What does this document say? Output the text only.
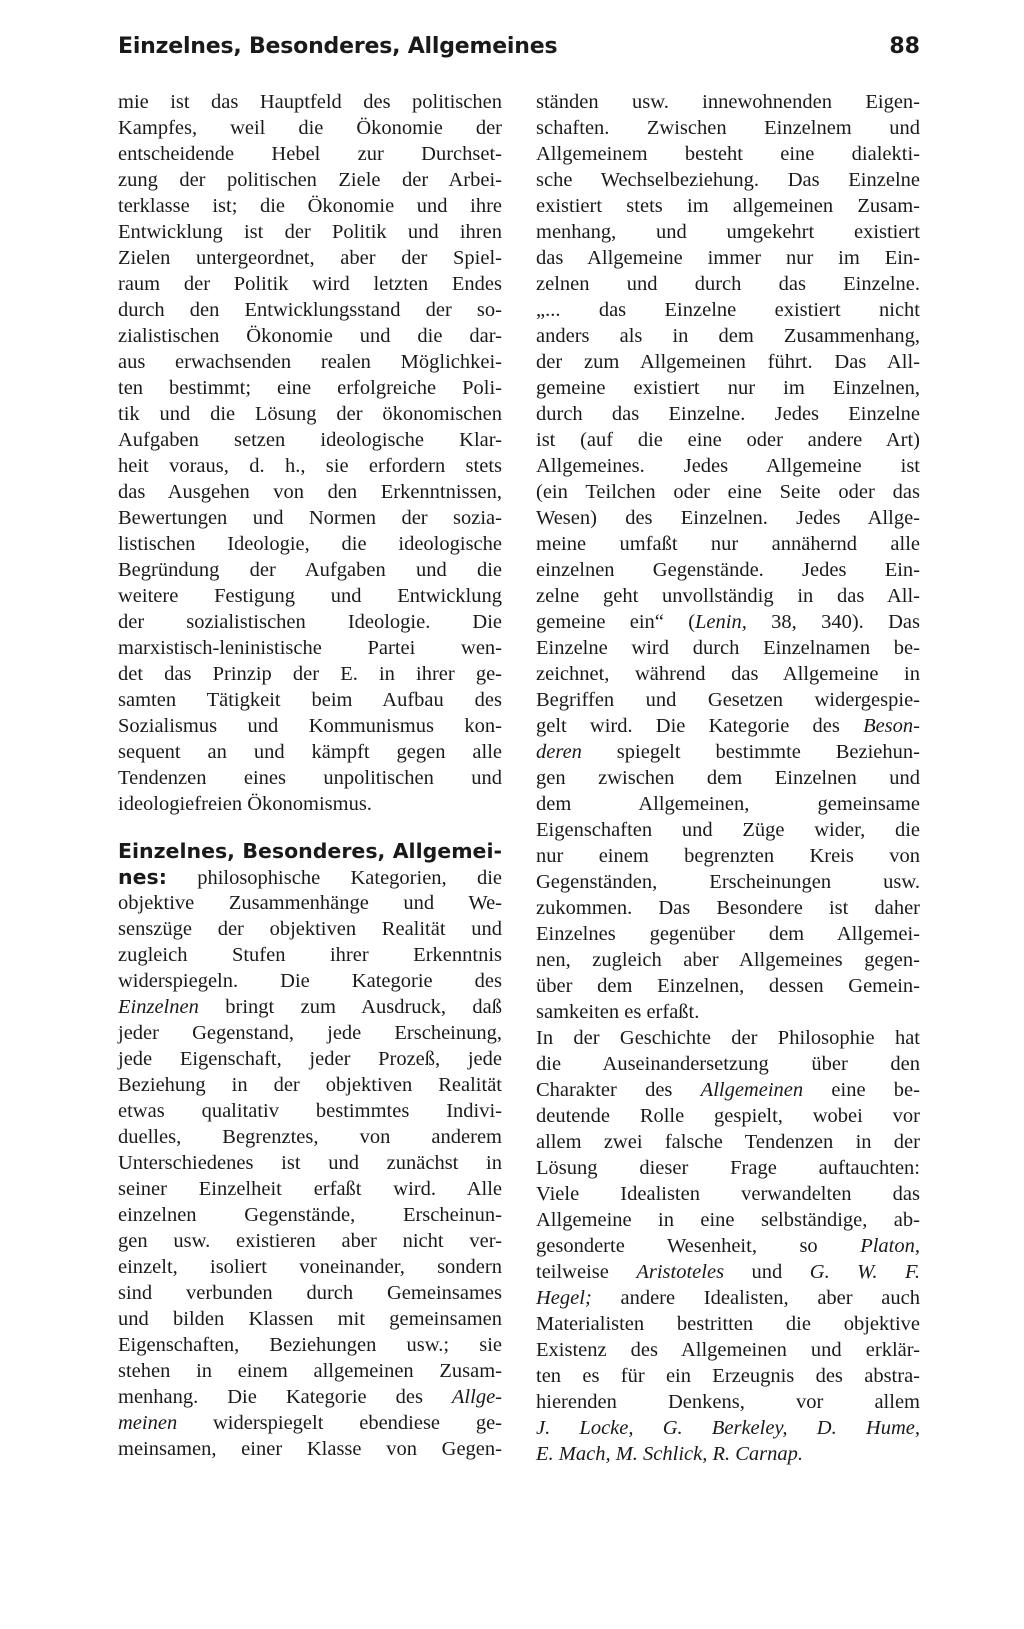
Einzelnes, Besonderes, Allgemeines	88
mie ist das Hauptfeld des politischen
Kampfes, weil die Ökonomie der
entscheidende Hebel zur Durchset-
zung der politischen Ziele der Arbei-
terklasse ist; die Ökonomie und ihre
Entwicklung ist der Politik und ihren
Zielen untergeordnet, aber der Spiel-
raum der Politik wird letzten Endes
durch den Entwicklungsstand der so-
zialistischen Ökonomie und die dar-
aus erwachsenden realen Möglichkei-
ten bestimmt; eine erfolgreiche Poli-
tik und die Lösung der ökonomischen
Aufgaben setzen ideologische Klar-
heit voraus, d. h., sie erfordern stets
das Ausgehen von den Erkenntnissen,
Bewertungen und Normen der sozia-
listischen Ideologie, die ideologische
Begründung der Aufgaben und die
weitere Festigung und Entwicklung
der sozialistischen Ideologie. Die
marxistisch-leninistische Partei wen-
det das Prinzip der E. in ihrer ge-
samten Tätigkeit beim Aufbau des
Sozialismus und Kommunismus kon-
sequent an und kämpft gegen alle
Tendenzen eines unpolitischen und
ideologiefreien Ökonomismus.
Einzelnes, Besonderes, Allgemei-
nes: philosophische Kategorien, die
objektive Zusammenhänge und We-
senszüge der objektiven Realität und
zugleich Stufen ihrer Erkenntnis
widerspiegeln. Die Kategorie des
Einzelnen bringt zum Ausdruck, daß
jeder Gegenstand, jede Erscheinung,
jede Eigenschaft, jeder Prozeß, jede
Beziehung in der objektiven Realität
etwas qualitativ bestimmtes Indivi-
duelles, Begrenztes, von anderem
Unterschiedenes ist und zunächst in
seiner Einzelheit erfaßt wird. Alle
einzelnen Gegenstände, Erscheinun-
gen usw. existieren aber nicht ver-
einzelt, isoliert voneinander, sondern
sind verbunden durch Gemeinsames
und bilden Klassen mit gemeinsamen
Eigenschaften, Beziehungen usw.; sie
stehen in einem allgemeinen Zusam-
menhang. Die Kategorie des Allge-
meinen widerspiegelt ebendiese ge-
meinsamen, einer Klasse von Gegen-
ständen usw. innewohnenden Eigen-
schaften. Zwischen Einzelnem und
Allgemeinem besteht eine dialekti-
sche Wechselbeziehung. Das Einzelne
existiert stets im allgemeinen Zusam-
menhang, und umgekehrt existiert
das Allgemeine immer nur im Ein-
zelnen und durch das Einzelne.
„... das Einzelne existiert nicht
anders als in dem Zusammenhang,
der zum Allgemeinen führt. Das All-
gemeine existiert nur im Einzelnen,
durch das Einzelne. Jedes Einzelne
ist (auf die eine oder andere Art)
Allgemeines. Jedes Allgemeine ist
(ein Teilchen oder eine Seite oder das
Wesen) des Einzelnen. Jedes Allge-
meine umfaßt nur annähernd alle
einzelnen Gegenstände. Jedes Ein-
zelne geht unvollständig in das All-
gemeine ein“ (Lenin, 38, 340). Das
Einzelne wird durch Einzelnamen be-
zeichnet, während das Allgemeine in
Begriffen und Gesetzen widergespie-
gelt wird. Die Kategorie des Beson-
deren spiegelt bestimmte Beziehun-
gen zwischen dem Einzelnen und
dem Allgemeinen, gemeinsame
Eigenschaften und Züge wider, die
nur einem begrenzten Kreis von
Gegenständen, Erscheinungen usw.
zukommen. Das Besondere ist daher
Einzelnes gegenüber dem Allgemei-
nen, zugleich aber Allgemeines gegen-
über dem Einzelnen, dessen Gemein-
samkeiten es erfaßt.
In der Geschichte der Philosophie hat
die Auseinandersetzung über den
Charakter des Allgemeinen eine be-
deutende Rolle gespielt, wobei vor
allem zwei falsche Tendenzen in der
Lösung dieser Frage auftauchten:
Viele Idealisten verwandelten das
Allgemeine in eine selbständige, ab-
gesonderte Wesenheit, so Platon,
teilweise Aristoteles und G. W. F.
Hegel; andere Idealisten, aber auch
Materialisten bestritten die objektive
Existenz des Allgemeinen und erklär-
ten es für ein Erzeugnis des abstra-
hierenden Denkens, vor allem
J. Locke, G. Berkeley, D. Hume,
E. Mach, M. Schlick, R. Carnap.
